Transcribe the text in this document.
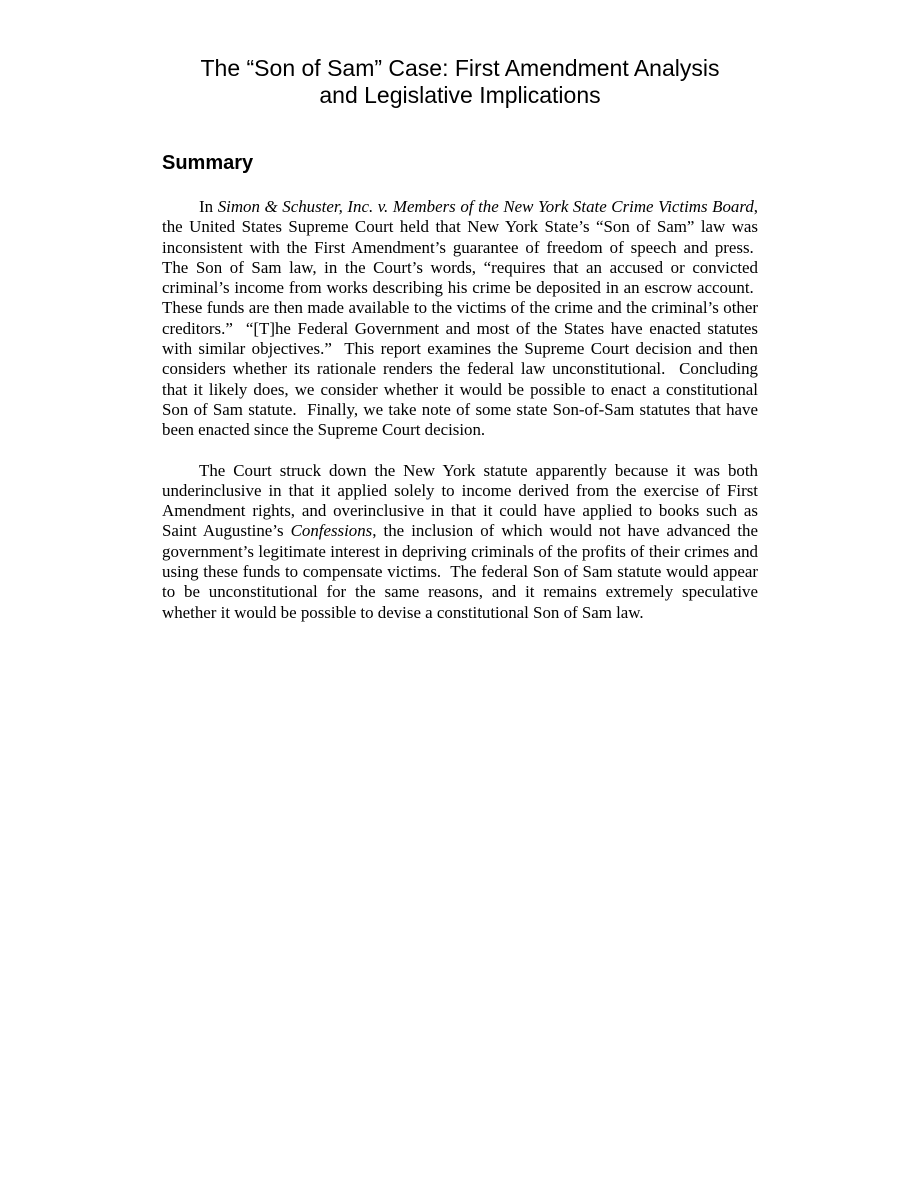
The “Son of Sam” Case: First Amendment Analysis
and Legislative Implications
Summary

In Simon & Schuster, Inc. v. Members of the New York State Crime Victims Board, the United States Supreme Court held that New York State’s “Son of Sam” law was inconsistent with the First Amendment’s guarantee of freedom of speech and press.  The Son of Sam law, in the Court’s words, “requires that an accused or convicted criminal’s income from works describing his crime be deposited in an escrow account.  These funds are then made available to the victims of the crime and the criminal’s other creditors.”  “[T]he Federal Government and most of the States have enacted statutes with similar objectives.”  This report examines the Supreme Court decision and then considers whether its rationale renders the federal law unconstitutional.  Concluding that it likely does, we consider whether it would be possible to enact a constitutional Son of Sam statute.  Finally, we take note of some state Son-of-Sam statutes that have been enacted since the Supreme Court decision.

The Court struck down the New York statute apparently because it was both underinclusive in that it applied solely to income derived from the exercise of First Amendment rights, and overinclusive in that it could have applied to books such as Saint Augustine’s Confessions, the inclusion of which would not have advanced the government’s legitimate interest in depriving criminals of the profits of their crimes and using these funds to compensate victims.  The federal Son of Sam statute would appear to be unconstitutional for the same reasons, and it remains extremely speculative whether it would be possible to devise a constitutional Son of Sam law.
